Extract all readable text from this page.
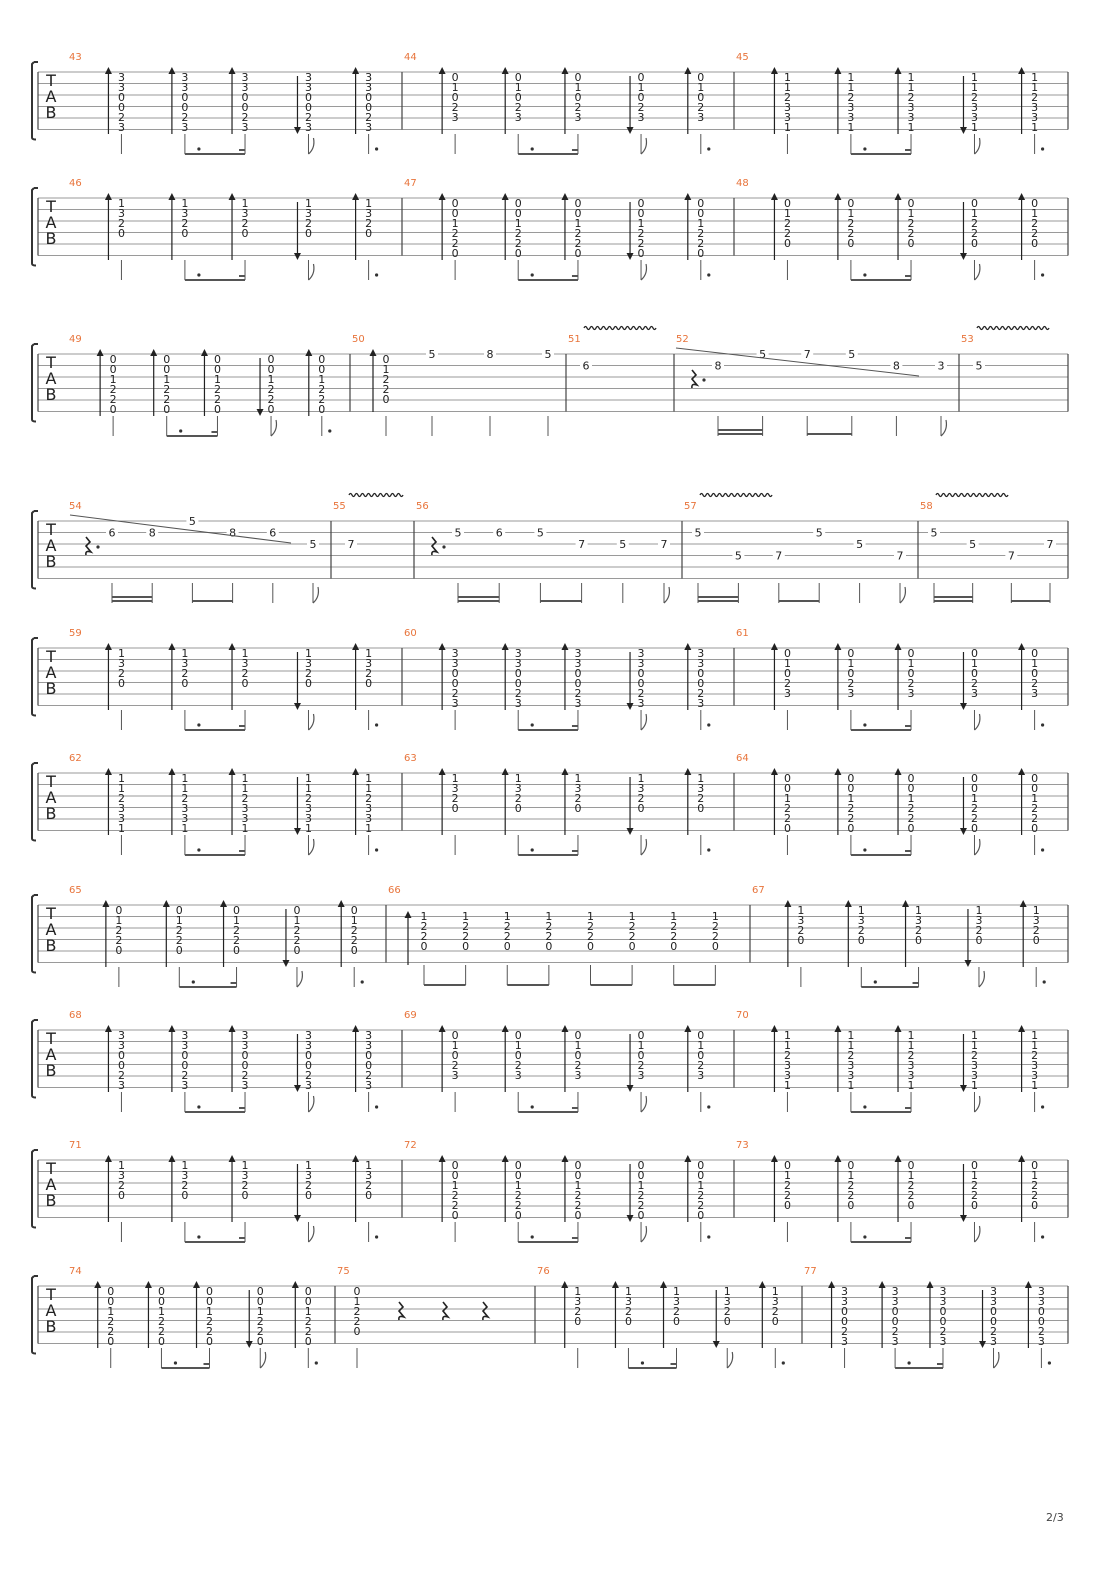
T
A
B
43
3
3
0
0
2
3
3
3
0
0
2
3
3
3
0
0
2
3
3
3
0
0
2
3
3
3
0
0
2
3
44
0
1
0
2
3
0
1
0
2
3
0
1
0
2
3
0
1
0
2
3
0
1
0
2
3
45
1
1
2
3
3
1
1
1
2
3
3
1
1
1
2
3
3
1
1
1
2
3
3
1
1
1
2
3
3
1
T
A
B
46
1
3
2
0
1
3
2
0
1
3
2
0
1
3
2
0
1
3
2
0
47
0
0
1
2
2
0
0
0
1
2
2
0
0
0
1
2
2
0
0
0
1
2
2
0
0
0
1
2
2
0
48
0
1
2
2
0
0
1
2
2
0
0
1
2
2
0
0
1
2
2
0
0
1
2
2
0
T
A
B
49
0
0
1
2
2
0
0
0
1
2
2
0
0
0
1
2
2
0
0
0
1
2
2
0
0
0
1
2
2
0
50
0
1
2
2
0
5	8	5
51
6
52
8
5	7	5
8	3
53
5
T
A
B
54
6	8
5
8	6
5
55
7
56
5	6	5
7	5	7
57
5
5	7
5
5
7
58
5
5
7
7
T
A
B
59
1
3
2
0
1
3
2
0
1
3
2
0
1
3
2
0
1
3
2
0
60
3
3
0
0
2
3
3
3
0
0
2
3
3
3
0
0
2
3
3
3
0
0
2
3
3
3
0
0
2
3
61
0
1
0
2
3
0
1
0
2
3
0
1
0
2
3
0
1
0
2
3
0
1
0
2
3
T
A
B
62
1
1
2
3
3
1
1
1
2
3
3
1
1
1
2
3
3
1
1
1
2
3
3
1
1
1
2
3
3
1
63
1
3
2
0
1
3
2
0
1
3
2
0
1
3
2
0
1
3
2
0
64
0
0
1
2
2
0
0
0
1
2
2
0
0
0
1
2
2
0
0
0
1
2
2
0
0
0
1
2
2
0
T
A
B
65
0
1
2
2
0
0
1
2
2
0
0
1
2
2
0
0
1
2
2
0
0
1
2
2
0
66
1
2
2
0
1
2
2
0
1
2
2
0
1
2
2
0
1
2
2
0
1
2
2
0
1
2
2
0
1
2
2
0
67
1
3
2
0
1
3
2
0
1
3
2
0
1
3
2
0
1
3
2
0
T
A
B
68
3
3
0
0
2
3
3
3
0
0
2
3
3
3
0
0
2
3
3
3
0
0
2
3
3
3
0
0
2
3
69
0
1
0
2
3
0
1
0
2
3
0
1
0
2
3
0
1
0
2
3
0
1
0
2
3
70
1
1
2
3
3
1
1
1
2
3
3
1
1
1
2
3
3
1
1
1
2
3
3
1
1
1
2
3
3
1
T
A
B
71
1
3
2
0
1
3
2
0
1
3
2
0
1
3
2
0
1
3
2
0
72
0
0
1
2
2
0
0
0
1
2
2
0
0
0
1
2
2
0
0
0
1
2
2
0
0
0
1
2
2
0
73
0
1
2
2
0
0
1
2
2
0
0
1
2
2
0
0
1
2
2
0
0
1
2
2
0
T
A
B
74
0
0
1
2
2
0
0
0
1
2
2
0
0
0
1
2
2
0
0
0
1
2
2
0
0
0
1
2
2
0
75
0
1
2
2
0
76
1
3
2
0
1
3
2
0
1
3
2
0
1
3
2
0
1
3
2
0
77
3
3
0
0
2
3
3
3
0
0
2
3
3
3
0
0
2
3
3
3
0
0
2
3
3
3
0
0
2
3
2/3
